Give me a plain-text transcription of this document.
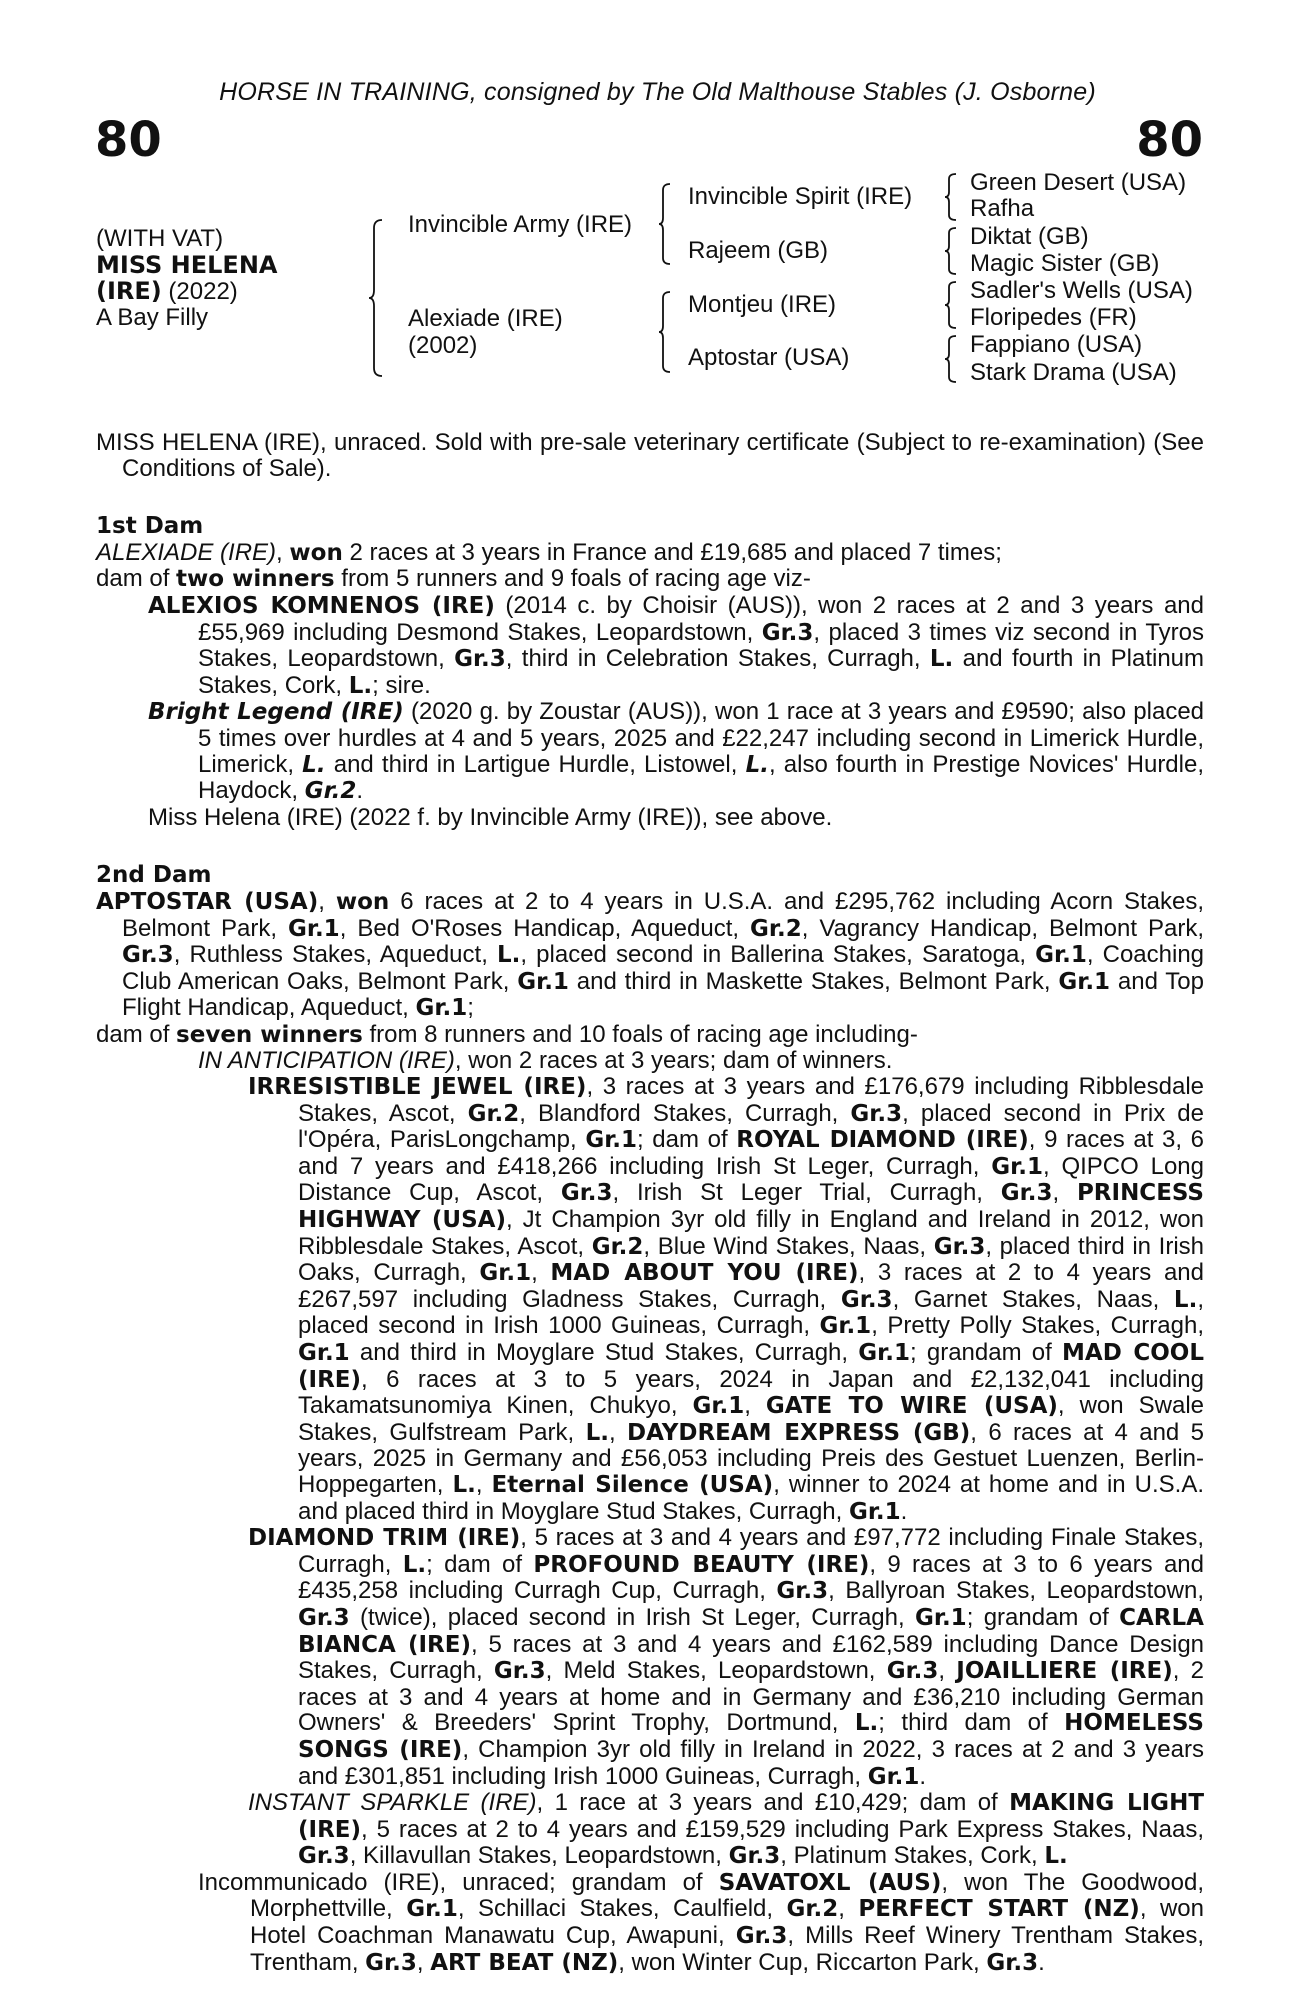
HORSE IN TRAINING, consigned by The Old Malthouse Stables (J. Osborne)
80	80
(WITH VAT)
MISS HELENA
(IRE) (2022)
A Bay Filly
Invincible Army (IRE)
Alexiade (IRE)
(2002)
Invincible Spirit (IRE)
Rajeem (GB)
Montjeu (IRE)
Aptostar (USA)
Green Desert (USA)
Rafha
Diktat (GB)
Magic Sister (GB)
Sadler's Wells (USA)
Floripedes (FR)
Fappiano (USA)
Stark Drama (USA)

MISS HELENA (IRE), unraced. Sold with pre-sale veterinary certificate (Subject to re-examination) (See Conditions of Sale).

1st Dam

ALEXIADE (IRE), won 2 races at 3 years in France and £19,685 and placed 7 times;

dam of two winners from 5 runners and 9 foals of racing age viz-

ALEXIOS KOMNENOS (IRE) (2014 c. by Choisir (AUS)), won 2 races at 2 and 3 years and £55,969 including Desmond Stakes, Leopardstown, Gr.3, placed 3 times viz second in Tyros Stakes, Leopardstown, Gr.3, third in Celebration Stakes, Curragh, L. and fourth in Platinum Stakes, Cork, L.; sire.

Bright Legend (IRE) (2020 g. by Zoustar (AUS)), won 1 race at 3 years and £9590; also placed 5 times over hurdles at 4 and 5 years, 2025 and £22,247 including second in Limerick Hurdle, Limerick, L. and third in Lartigue Hurdle, Listowel, L., also fourth in Prestige Novices' Hurdle, Haydock, Gr.2.

Miss Helena (IRE) (2022 f. by Invincible Army (IRE)), see above.

2nd Dam

APTOSTAR (USA), won 6 races at 2 to 4 years in U.S.A. and £295,762 including Acorn Stakes, Belmont Park, Gr.1, Bed O'Roses Handicap, Aqueduct, Gr.2, Vagrancy Handicap, Belmont Park, Gr.3, Ruthless Stakes, Aqueduct, L., placed second in Ballerina Stakes, Saratoga, Gr.1, Coaching Club American Oaks, Belmont Park, Gr.1 and third in Maskette Stakes, Belmont Park, Gr.1 and Top Flight Handicap, Aqueduct, Gr.1;

dam of seven winners from 8 runners and 10 foals of racing age including-

IN ANTICIPATION (IRE), won 2 races at 3 years; dam of winners.

IRRESISTIBLE JEWEL (IRE), 3 races at 3 years and £176,679 including Ribblesdale Stakes, Ascot, Gr.2, Blandford Stakes, Curragh, Gr.3, placed second in Prix de l'Opéra, ParisLongchamp, Gr.1; dam of ROYAL DIAMOND (IRE), 9 races at 3, 6 and 7 years and £418,266 including Irish St Leger, Curragh, Gr.1, QIPCO Long Distance Cup, Ascot, Gr.3, Irish St Leger Trial, Curragh, Gr.3, PRINCESS HIGHWAY (USA), Jt Champion 3yr old filly in England and Ireland in 2012, won Ribblesdale Stakes, Ascot, Gr.2, Blue Wind Stakes, Naas, Gr.3, placed third in Irish Oaks, Curragh, Gr.1, MAD ABOUT YOU (IRE), 3 races at 2 to 4 years and £267,597 including Gladness Stakes, Curragh, Gr.3, Garnet Stakes, Naas, L., placed second in Irish 1000 Guineas, Curragh, Gr.1, Pretty Polly Stakes, Curragh, Gr.1 and third in Moyglare Stud Stakes, Curragh, Gr.1; grandam of MAD COOL (IRE), 6 races at 3 to 5 years, 2024 in Japan and £2,132,041 including Takamatsunomiya Kinen, Chukyo, Gr.1, GATE TO WIRE (USA), won Swale Stakes, Gulfstream Park, L., DAYDREAM EXPRESS (GB), 6 races at 4 and 5 years, 2025 in Germany and £56,053 including Preis des Gestuet Luenzen, Berlin-Hoppegarten, L., Eternal Silence (USA), winner to 2024 at home and in U.S.A. and placed third in Moyglare Stud Stakes, Curragh, Gr.1.

DIAMOND TRIM (IRE), 5 races at 3 and 4 years and £97,772 including Finale Stakes, Curragh, L.; dam of PROFOUND BEAUTY (IRE), 9 races at 3 to 6 years and £435,258 including Curragh Cup, Curragh, Gr.3, Ballyroan Stakes, Leopardstown, Gr.3 (twice), placed second in Irish St Leger, Curragh, Gr.1; grandam of CARLA BIANCA (IRE), 5 races at 3 and 4 years and £162,589 including Dance Design Stakes, Curragh, Gr.3, Meld Stakes, Leopardstown, Gr.3, JOAILLIERE (IRE), 2 races at 3 and 4 years at home and in Germany and £36,210 including German Owners' & Breeders' Sprint Trophy, Dortmund, L.; third dam of HOMELESS SONGS (IRE), Champion 3yr old filly in Ireland in 2022, 3 races at 2 and 3 years and £301,851 including Irish 1000 Guineas, Curragh, Gr.1.

INSTANT SPARKLE (IRE), 1 race at 3 years and £10,429; dam of MAKING LIGHT (IRE), 5 races at 2 to 4 years and £159,529 including Park Express Stakes, Naas, Gr.3, Killavullan Stakes, Leopardstown, Gr.3, Platinum Stakes, Cork, L.

Incommunicado (IRE), unraced; grandam of SAVATOXL (AUS), won The Goodwood, Morphettville, Gr.1, Schillaci Stakes, Caulfield, Gr.2, PERFECT START (NZ), won Hotel Coachman Manawatu Cup, Awapuni, Gr.3, Mills Reef Winery Trentham Stakes, Trentham, Gr.3, ART BEAT (NZ), won Winter Cup, Riccarton Park, Gr.3.
